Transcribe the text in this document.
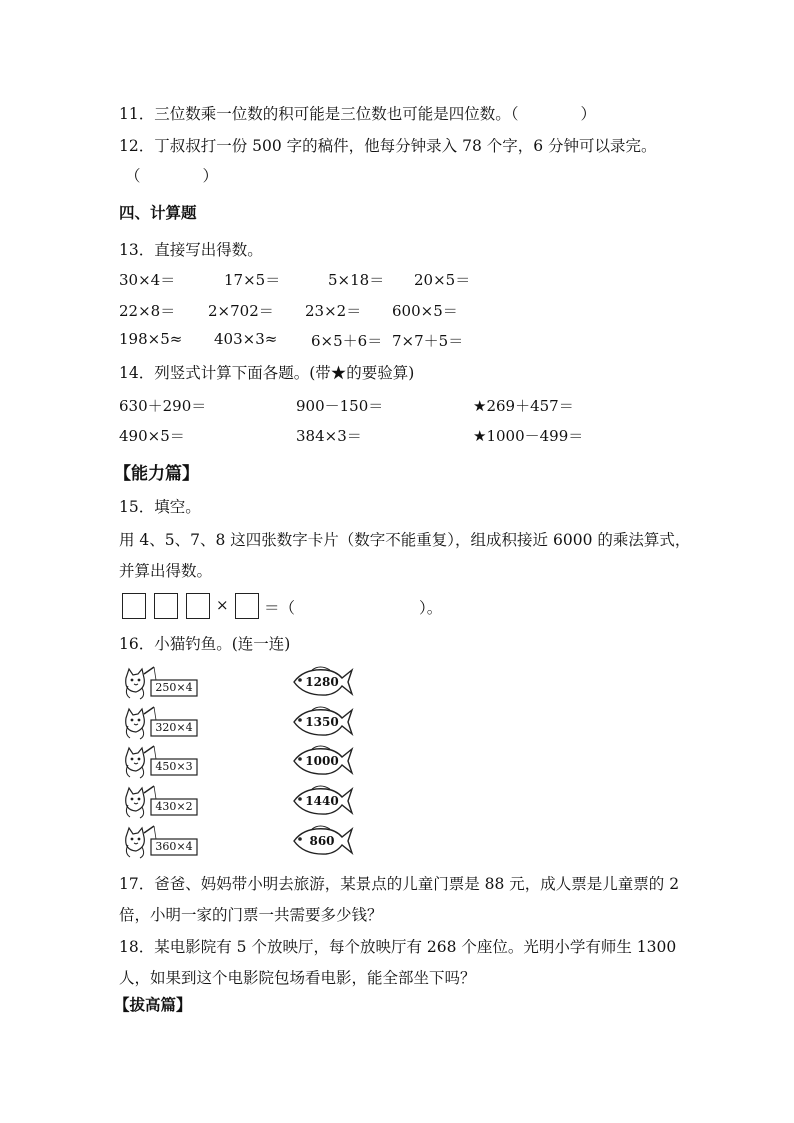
11．三位数乘一位数的积可能是三位数也可能是四位数。（　　　　）
12．丁叔叔打一份 500 字的稿件，他每分钟录入 78 个字，6 分钟可以录完。
（　　　　）
四、计算题
13．直接写出得数。
30×4＝	17×5＝	5×18＝ 20×5＝
22×8＝ 2×702＝ 23×2＝ 600×5＝
198×5≈ 403×3≈ 6×5＋6＝ 7×7＋5＝
14．列竖式计算下面各题。(带★的要验算)
630＋290＝	900－150＝	★269＋457＝
490×5＝	384×3＝	★1000－499＝
【能力篇】
15．填空。
用 4、5、7、8 这四张数字卡片（数字不能重复），组成积接近 6000 的乘法算式，
并算出得数。
× ＝（　　　　　　　　）。
16．小猫钓鱼。(连一连)
250×4
320×4
450×3
430×2
360×4
1280
1350
1000
1440
860
17．爸爸、妈妈带小明去旅游，某景点的儿童门票是 88 元，成人票是儿童票的 2
倍，小明一家的门票一共需要多少钱？
18．某电影院有 5 个放映厅，每个放映厅有 268 个座位。光明小学有师生 1300
人，如果到这个电影院包场看电影，能全部坐下吗？
【拔高篇】
